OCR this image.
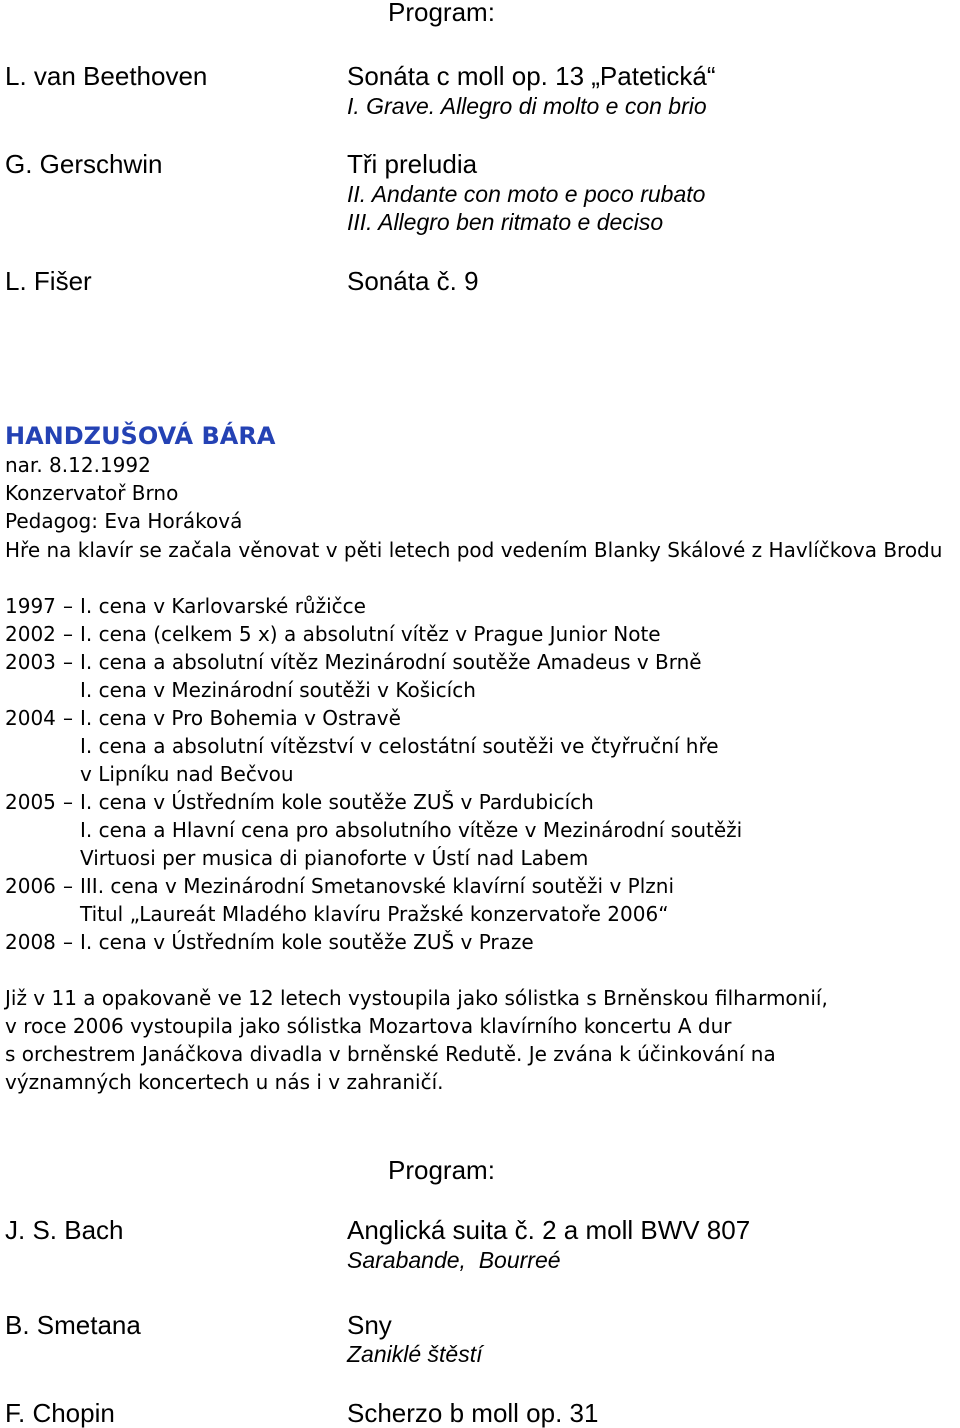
Program:
L. van Beethoven	Sonáta c moll op. 13 „Patetická“
I. Grave. Allegro di molto e con brio
G. Gerschwin	Tři preludia
II. Andante con moto e poco rubato
III. Allegro ben ritmato e deciso
L. Fišer	Sonáta č. 9
HANDZUŠOVÁ BÁRA
nar. 8.12.1992
Konzervatoř Brno
Pedagog: Eva Horáková
Hře na klavír se začala věnovat v pěti letech pod vedením Blanky Skálové z Havlíčkova Brodu
1997 – I. cena v Karlovarské růžičce
2002 – I. cena (celkem 5 x) a absolutní vítěz v Prague Junior Note
2003 – I. cena a absolutní vítěz Mezinárodní soutěže Amadeus v Brně
I. cena v Mezinárodní soutěži v Košicích
2004 – I. cena v Pro Bohemia v Ostravě
I. cena a absolutní vítězství v celostátní soutěži ve čtyřruční hře
v Lipníku nad Bečvou
2005 – I. cena v Ústředním kole soutěže ZUŠ v Pardubicích
I. cena a Hlavní cena pro absolutního vítěze v Mezinárodní soutěži
Virtuosi per musica di pianoforte v Ústí nad Labem
2006 – III. cena v Mezinárodní Smetanovské klavírní soutěži v Plzni
Titul „Laureát Mladého klavíru Pražské konzervatoře 2006“
2008 – I. cena v Ústředním kole soutěže ZUŠ v Praze
Již v 11 a opakovaně ve 12 letech vystoupila jako sólistka s Brněnskou filharmonií,
v roce 2006 vystoupila jako sólistka Mozartova klavírního koncertu A dur
s orchestrem Janáčkova divadla v brněnské Redutě. Je zvána k účinkování na
významných koncertech u nás i v zahraničí.
Program:
J. S. Bach	Anglická suita č. 2 a moll BWV 807
Sarabande,  Bourreé
B. Smetana	Sny
Zaniklé štěstí
F. Chopin	Scherzo b moll op. 31
